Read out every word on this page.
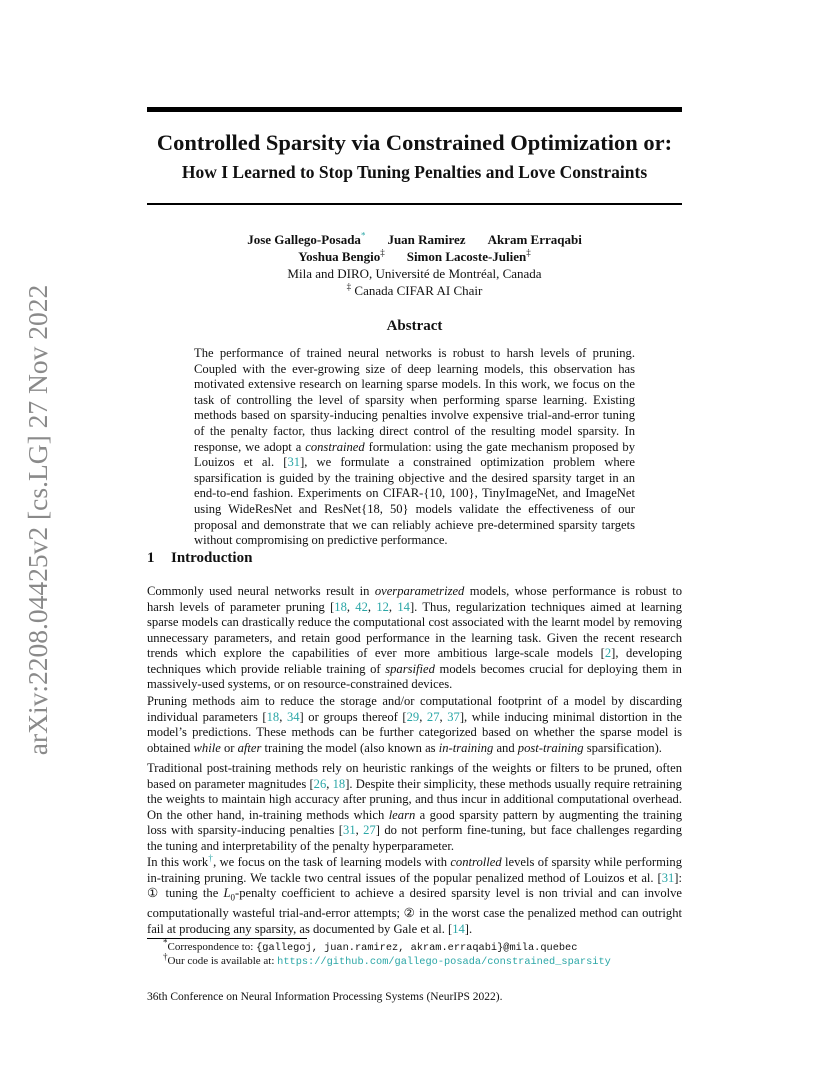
arXiv:2208.04425v2 [cs.LG] 27 Nov 2022
Controlled Sparsity via Constrained Optimization or:
How I Learned to Stop Tuning Penalties and Love Constraints
Jose Gallego-Posada* Juan Ramirez Akram Erraqabi
Yoshua Bengio‡ Simon Lacoste-Julien‡
Mila and DIRO, Université de Montréal, Canada
‡ Canada CIFAR AI Chair
Abstract
The performance of trained neural networks is robust to harsh levels of pruning. Coupled with the ever-growing size of deep learning models, this observation has motivated extensive research on learning sparse models. In this work, we focus on the task of controlling the level of sparsity when performing sparse learning. Existing methods based on sparsity-inducing penalties involve expensive trial-and-error tuning of the penalty factor, thus lacking direct control of the resulting model sparsity. In response, we adopt a constrained formulation: using the gate mechanism proposed by Louizos et al. [31], we formulate a constrained optimization problem where sparsification is guided by the training objective and the desired sparsity target in an end-to-end fashion. Experiments on CIFAR-{10, 100}, TinyImageNet, and ImageNet using WideResNet and ResNet{18, 50} models validate the effectiveness of our proposal and demonstrate that we can reliably achieve pre-determined sparsity targets without compromising on predictive performance.
1 Introduction
Commonly used neural networks result in overparametrized models, whose performance is robust to harsh levels of parameter pruning [18, 42, 12, 14]. Thus, regularization techniques aimed at learning sparse models can drastically reduce the computational cost associated with the learnt model by removing unnecessary parameters, and retain good performance in the learning task. Given the recent research trends which explore the capabilities of ever more ambitious large-scale models [2], developing techniques which provide reliable training of sparsified models becomes crucial for deploying them in massively-used systems, or on resource-constrained devices.
Pruning methods aim to reduce the storage and/or computational footprint of a model by discarding individual parameters [18, 34] or groups thereof [29, 27, 37], while inducing minimal distortion in the model’s predictions. These methods can be further categorized based on whether the sparse model is obtained while or after training the model (also known as in-training and post-training sparsification).
Traditional post-training methods rely on heuristic rankings of the weights or filters to be pruned, often based on parameter magnitudes [26, 18]. Despite their simplicity, these methods usually require retraining the weights to maintain high accuracy after pruning, and thus incur in additional computational overhead. On the other hand, in-training methods which learn a good sparsity pattern by augmenting the training loss with sparsity-inducing penalties [31, 27] do not perform fine-tuning, but face challenges regarding the tuning and interpretability of the penalty hyperparameter.
In this work†, we focus on the task of learning models with controlled levels of sparsity while performing in-training pruning. We tackle two central issues of the popular penalized method of Louizos et al. [31]: ① tuning the $L_0$-penalty coefficient to achieve a desired sparsity level is non trivial and can involve computationally wasteful trial-and-error attempts; ② in the worst case the penalized method can outright fail at producing any sparsity, as documented by Gale et al. [14].
*Correspondence to: {gallegoj, juan.ramirez, akram.erraqabi}@mila.quebec
†Our code is available at: https://github.com/gallego-posada/constrained_sparsity
36th Conference on Neural Information Processing Systems (NeurIPS 2022).
